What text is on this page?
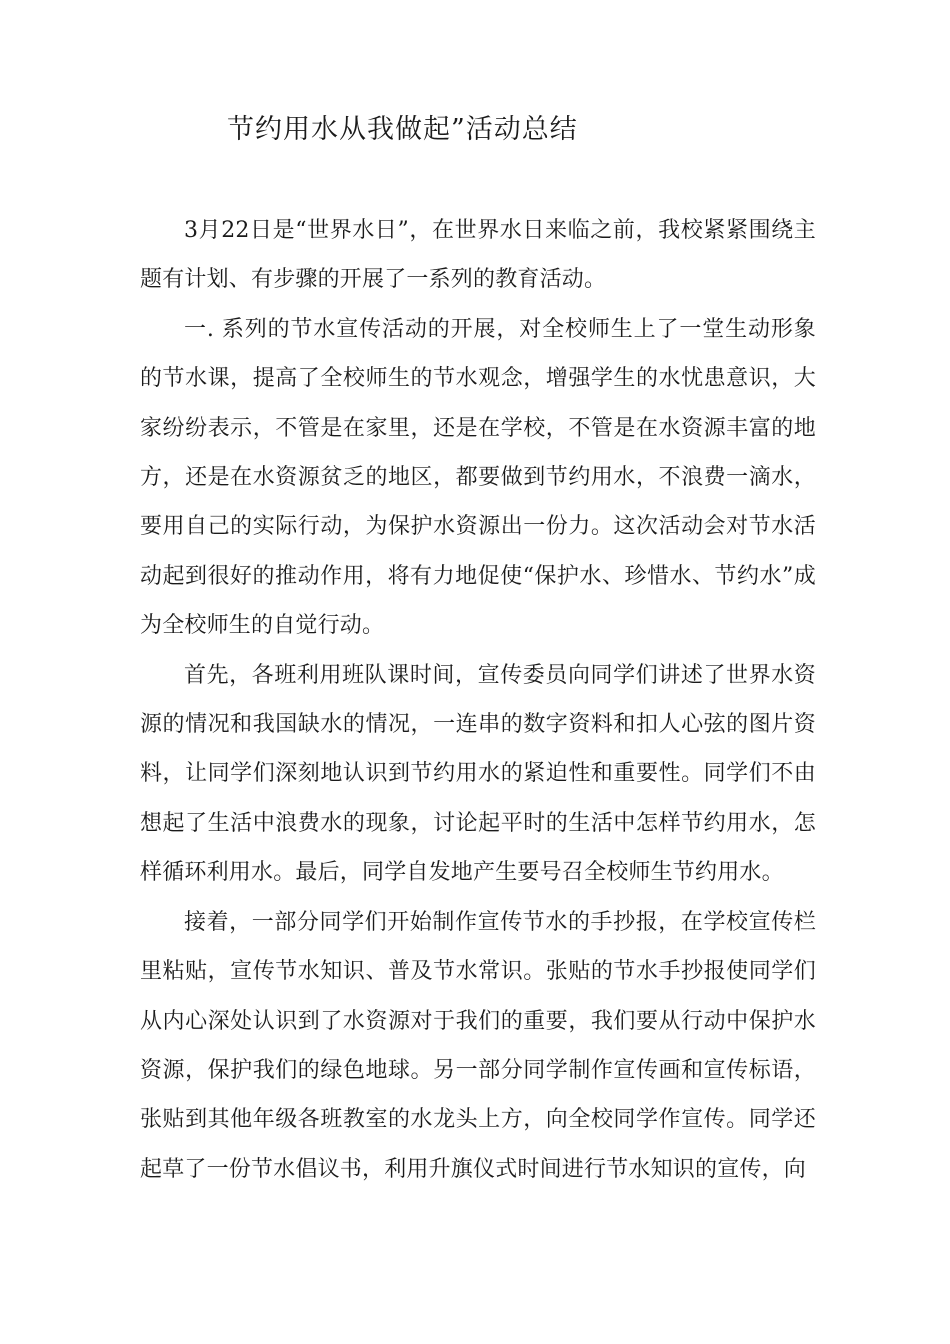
节约用水从我做起”活动总结

3月22日是“世界水日”，在世界水日来临之前，我校紧紧围绕主题有计划、有步骤的开展了一系列的教育活动。

一. 系列的节水宣传活动的开展，对全校师生上了一堂生动形象的节水课，提高了全校师生的节水观念，增强学生的水忧患意识，大家纷纷表示，不管是在家里，还是在学校，不管是在水资源丰富的地方，还是在水资源贫乏的地区，都要做到节约用水，不浪费一滴水，要用自己的实际行动，为保护水资源出一份力。这次活动会对节水活动起到很好的推动作用，将有力地促使“保护水、珍惜水、节约水”成为全校师生的自觉行动。

首先，各班利用班队课时间，宣传委员向同学们讲述了世界水资源的情况和我国缺水的情况，一连串的数字资料和扣人心弦的图片资料，让同学们深刻地认识到节约用水的紧迫性和重要性。同学们不由想起了生活中浪费水的现象，讨论起平时的生活中怎样节约用水，怎样循环利用水。最后，同学自发地产生要号召全校师生节约用水。

接着，一部分同学们开始制作宣传节水的手抄报，在学校宣传栏里粘贴，宣传节水知识、普及节水常识。张贴的节水手抄报使同学们从内心深处认识到了水资源对于我们的重要，我们要从行动中保护水资源，保护我们的绿色地球。另一部分同学制作宣传画和宣传标语，张贴到其他年级各班教室的水龙头上方，向全校同学作宣传。同学还起草了一份节水倡议书，利用升旗仪式时间进行节水知识的宣传，向
